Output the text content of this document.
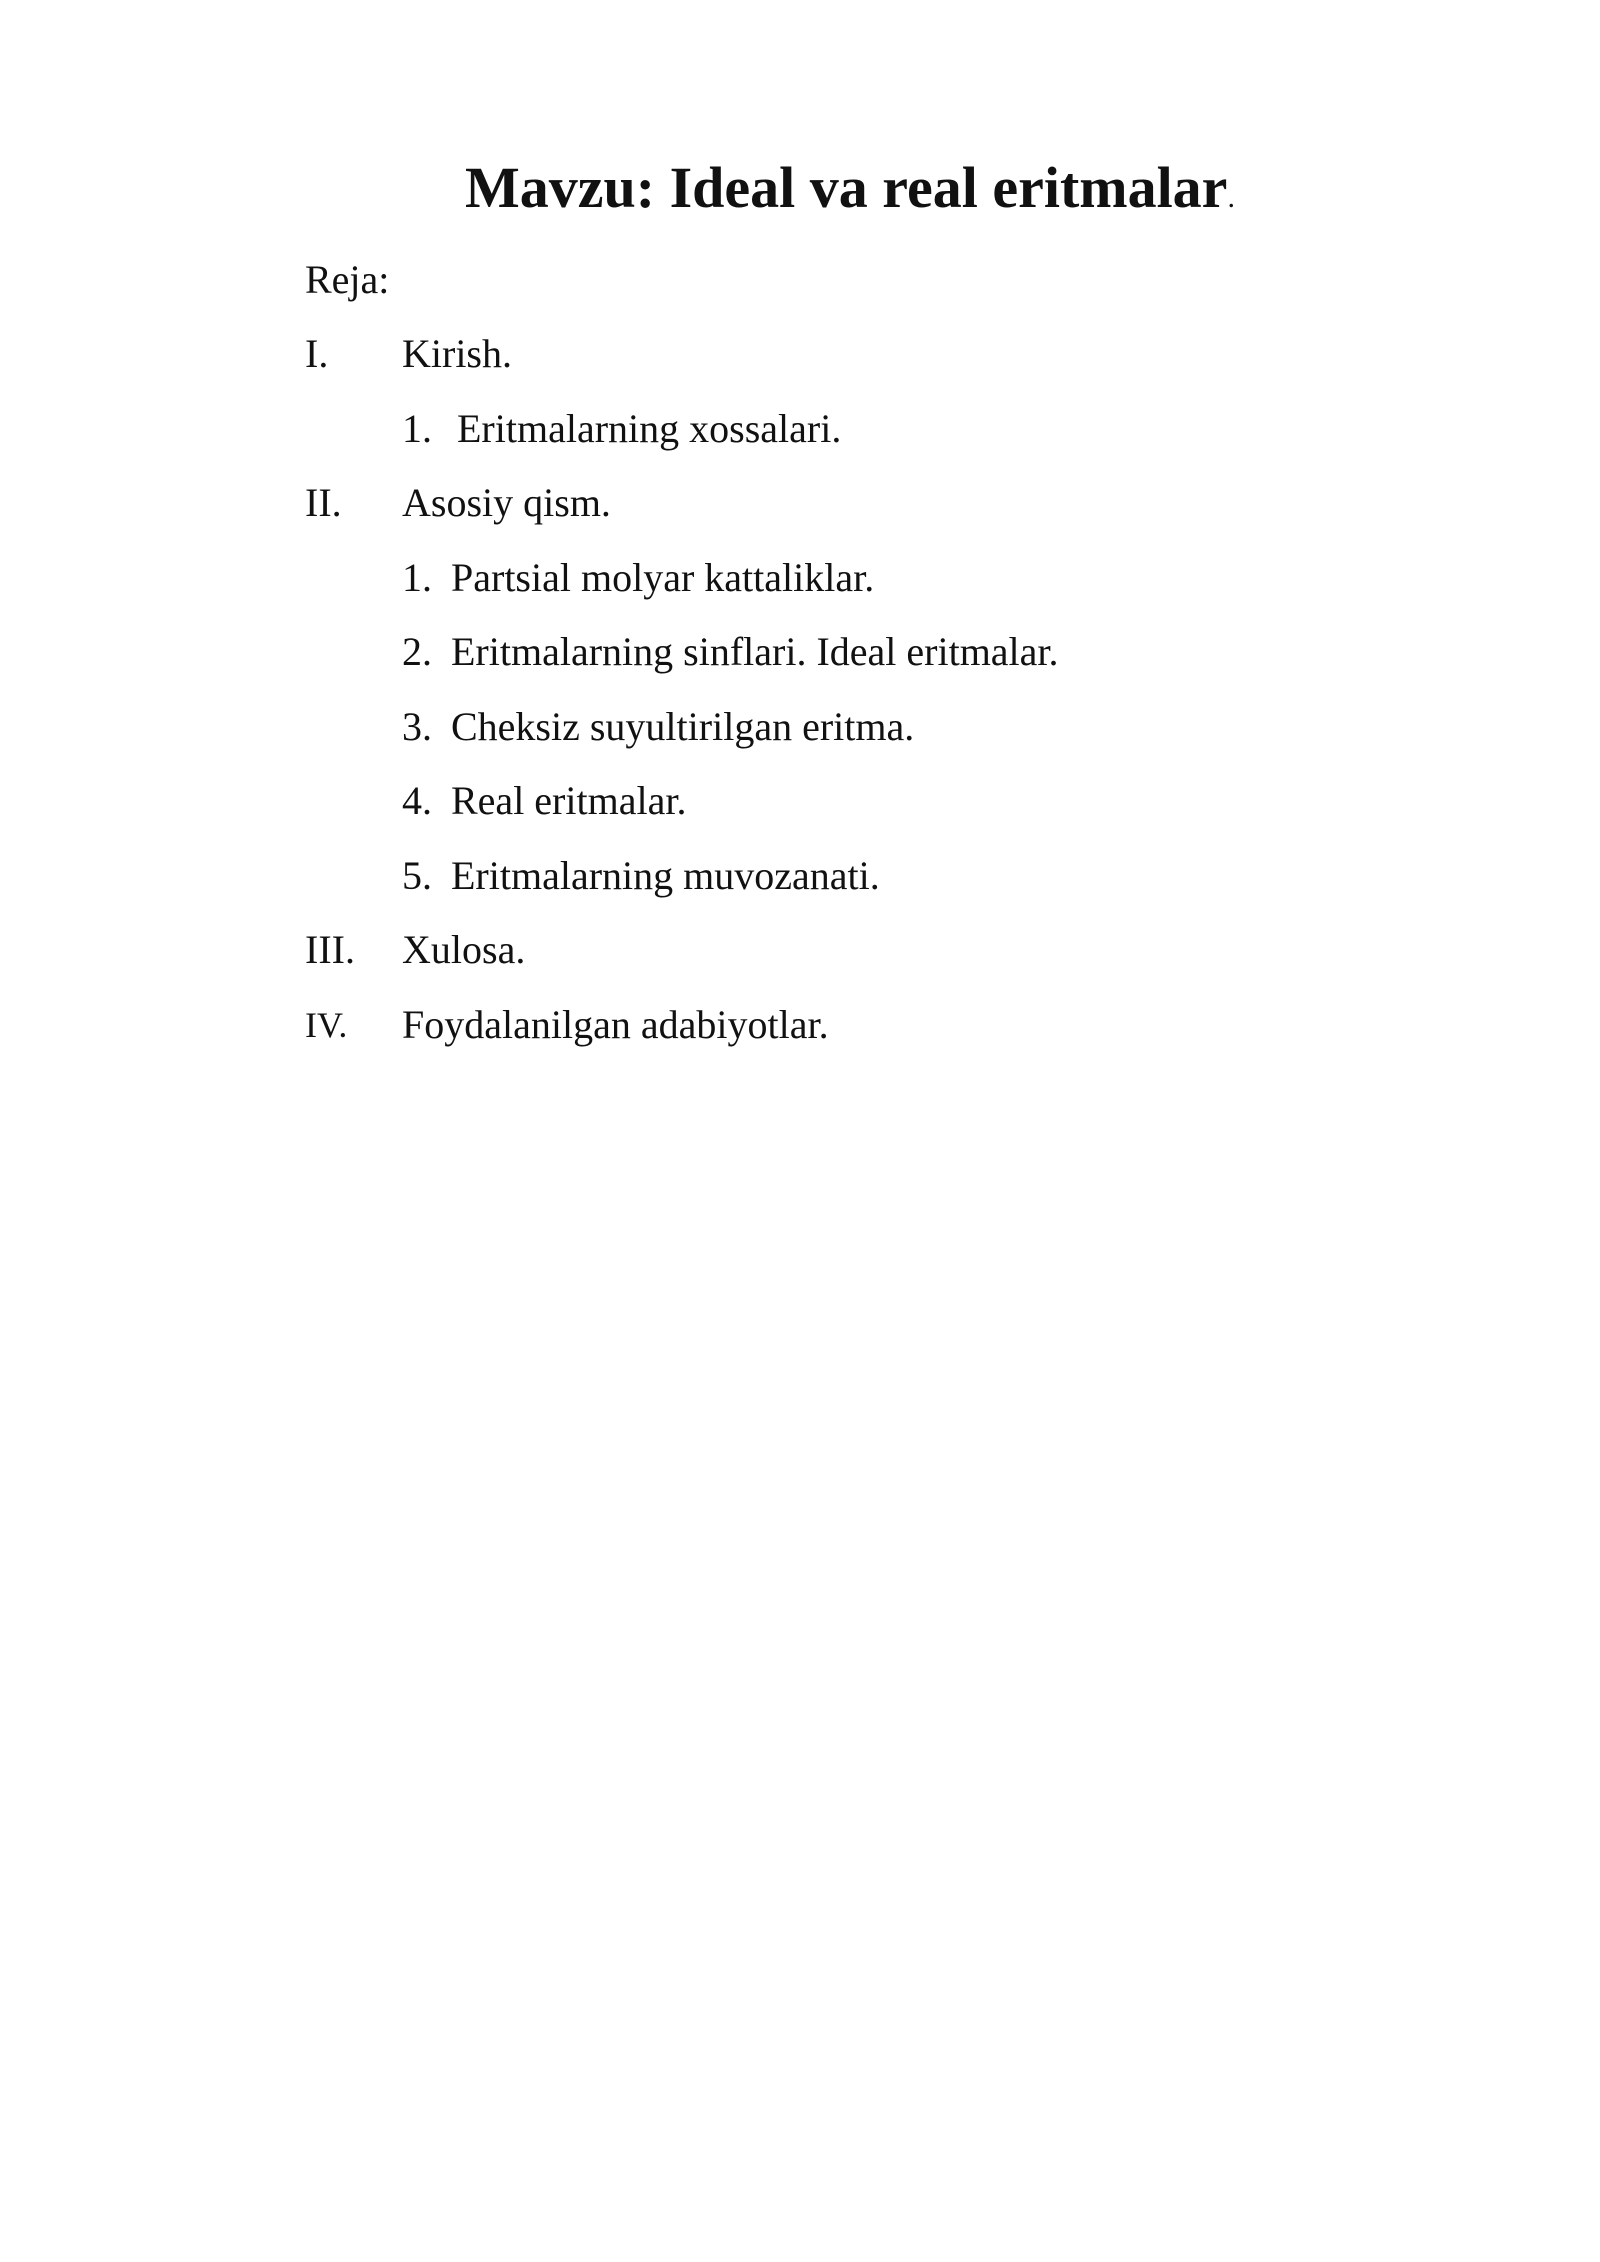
Mavzu: Ideal va real eritmalar.
Reja:
I. Kirish.
1. Eritmalarning xossalari.
II. Asosiy qism.
1. Partsial molyar kattaliklar.
2. Eritmalarning sinflari. Ideal eritmalar.
3. Cheksiz suyultirilgan eritma.
4. Real eritmalar.
5. Eritmalarning muvozanati.
III. Xulosa.
IV. Foydalanilgan adabiyotlar.
